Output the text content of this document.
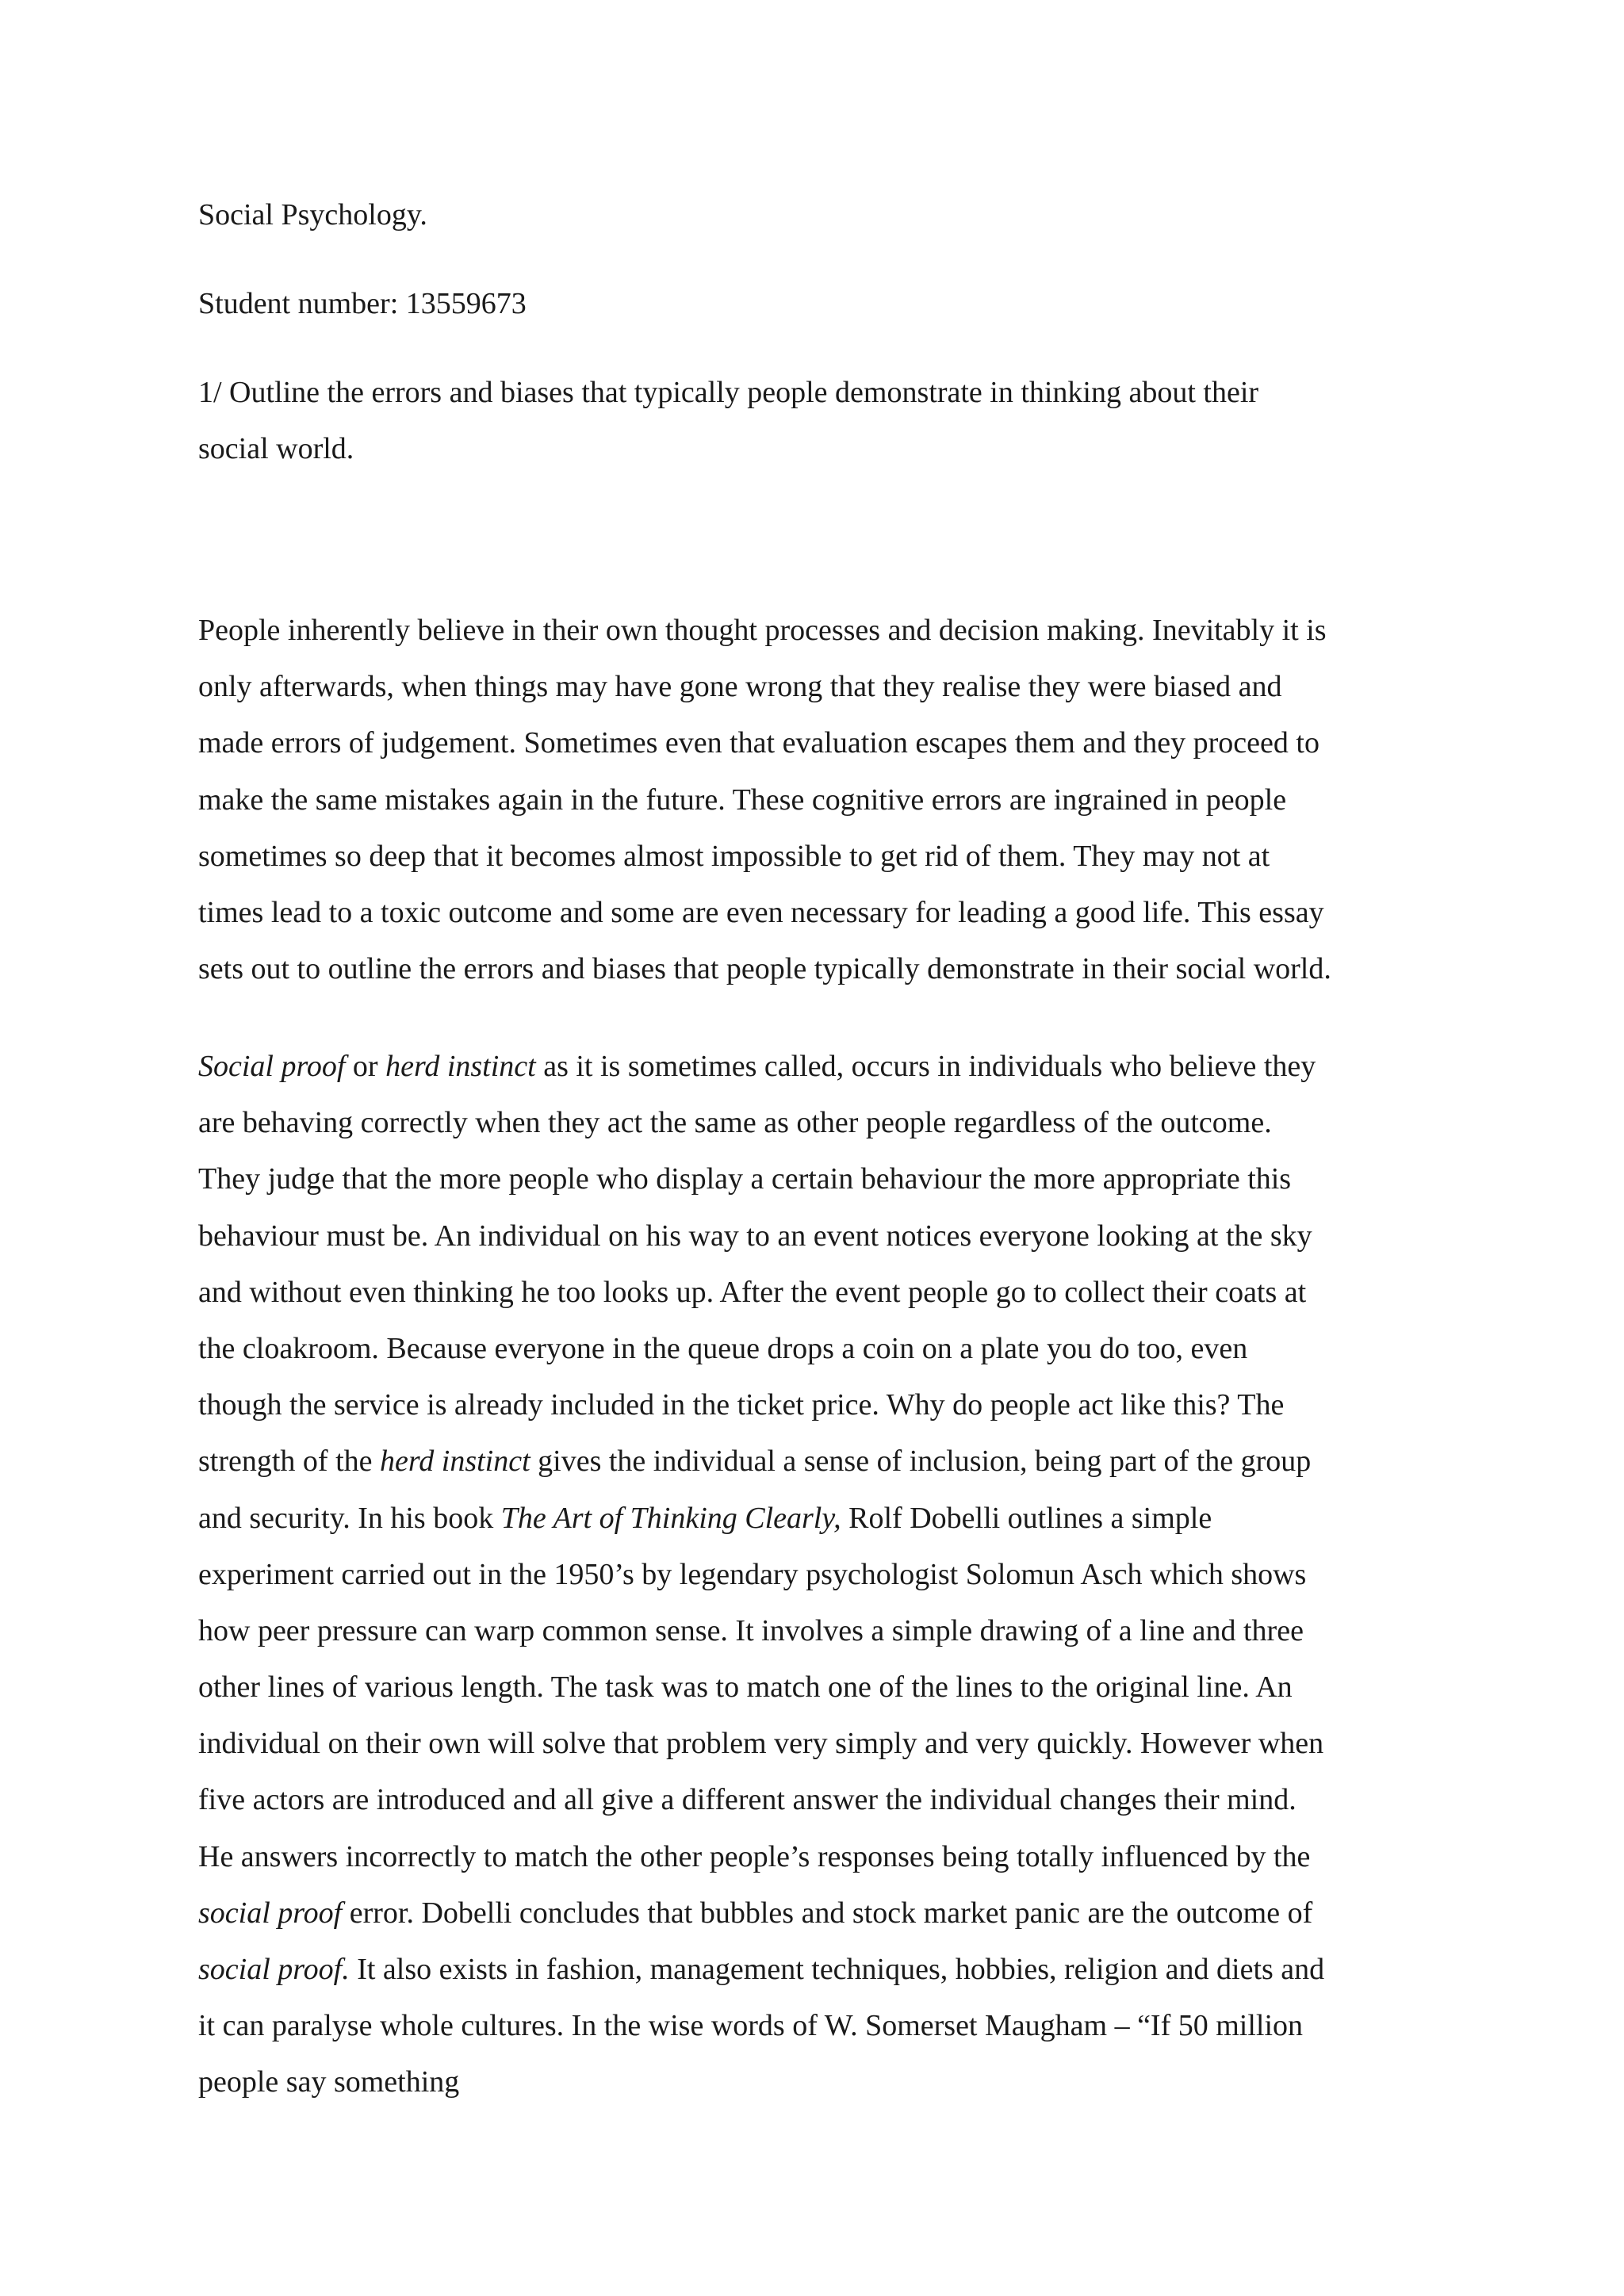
Social Psychology.
Student number: 13559673
1/ Outline the errors and biases that typically people demonstrate in thinking about their
social world.
People inherently believe in their own thought processes and decision making. Inevitably it is
only afterwards, when things may have gone wrong that they realise they were biased and
made errors of judgement. Sometimes even that evaluation escapes them and they proceed to
make the same mistakes again in the future. These cognitive errors are ingrained in people
sometimes so deep that it becomes almost impossible to get rid of them. They may not at
times lead to a toxic outcome and some are even necessary for leading a good life. This essay
sets out to outline the errors and biases that people typically demonstrate in their social world.
Social proof or herd instinct as it is sometimes called, occurs in individuals who believe they
are behaving correctly when they act the same as other people regardless of the outcome.
They judge that the more people who display a certain behaviour the more appropriate this
behaviour must be. An individual on his way to an event notices everyone looking at the sky
and without even thinking he too looks up. After the event people go to collect their coats at
the cloakroom. Because everyone in the queue drops a coin on a plate you do too, even
though the service is already included in the ticket price. Why do people act like this? The
strength of the herd instinct gives the individual a sense of inclusion, being part of the group
and security. In his book The Art of Thinking Clearly, Rolf Dobelli outlines a simple
experiment carried out in the 1950’s by legendary psychologist Solomun Asch which shows
how peer pressure can warp common sense. It involves a simple drawing of a line and three
other lines of various length. The task was to match one of the lines to the original line. An
individual on their own will solve that problem very simply and very quickly. However when
five actors are introduced and all give a different answer the individual changes their mind.
He answers incorrectly to match the other people’s responses being totally influenced by the
social proof error. Dobelli concludes that bubbles and stock market panic are the outcome of
social proof. It also exists in fashion, management techniques, hobbies, religion and diets and
it can paralyse whole cultures. In the wise words of W. Somerset Maugham – “If 50 million
people say something
